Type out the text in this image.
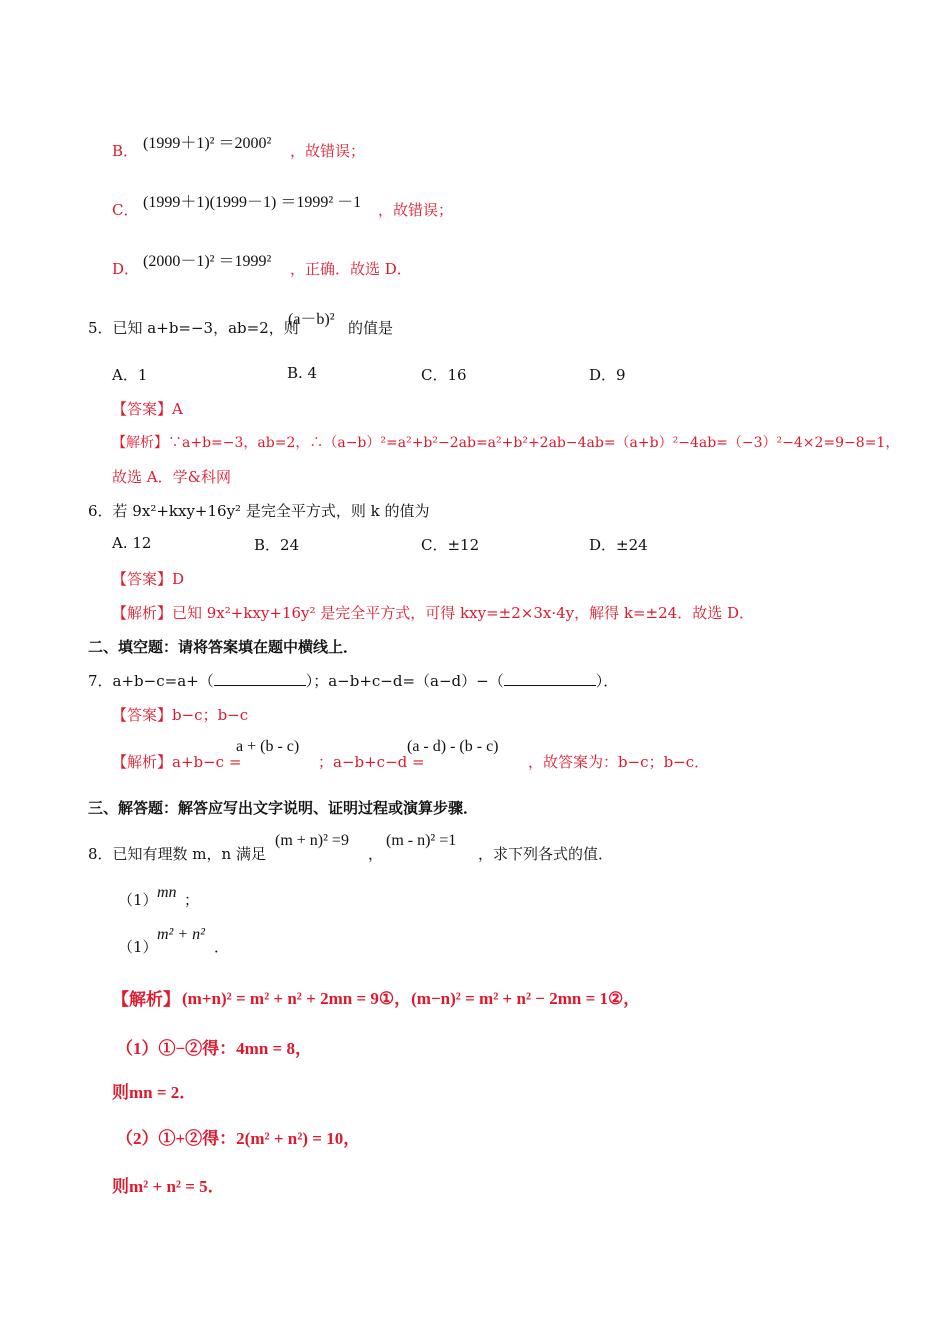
B． (1999＋1)² ＝2000² ，故错误；
C． (1999＋1)(1999－1) ＝1999² －1 ，故错误；
D． (2000－1)² ＝1999² ，正确．故选 D．
5．已知 a+b=−3，ab=2，则
(a－b)² 的值是
A．1	B. 4	C．16	D．9
【答案】A
【解析】∵a+b=−3，ab=2，∴（a−b）²=a²+b²−2ab=a²+b²+2ab−4ab=（a+b）²−4ab=（−3）²−4×2=9−8=1，
故选 A．学&科网
6．若 9x²+kxy+16y² 是完全平方式，则 k 的值为
A. 12	B．24	C．±12	D．±24
【答案】D
【解析】已知 9x²+kxy+16y² 是完全平方式，可得 kxy=±2×3x·4y，解得 k=±24．故选 D．
二、填空题：请将答案填在题中横线上．
7．a+b−c=a+（	）；a−b+c−d=（a−d）−（	）．
【答案】b−c；b−c
【解析】a+b−c =
a + (b - c)
；a−b+c−d =
(a - d) - (b - c)
，故答案为：b−c；b−c．
三、解答题：解答应写出文字说明、证明过程或演算步骤．
8．已知有理数 m，n 满足
(m + n)² =9
，
(m - n)² =1
，求下列各式的值．
（1） mn ；
（1）
m² + n²
．
【解析】 (m+n)² = m² + n² + 2mn = 9①，(m−n)² = m² + n² − 2mn = 1②，
（1）①−②得：4mn = 8，
则mn = 2．
（2）①+②得：2(m² + n²) = 10，
则m² + n² = 5．
